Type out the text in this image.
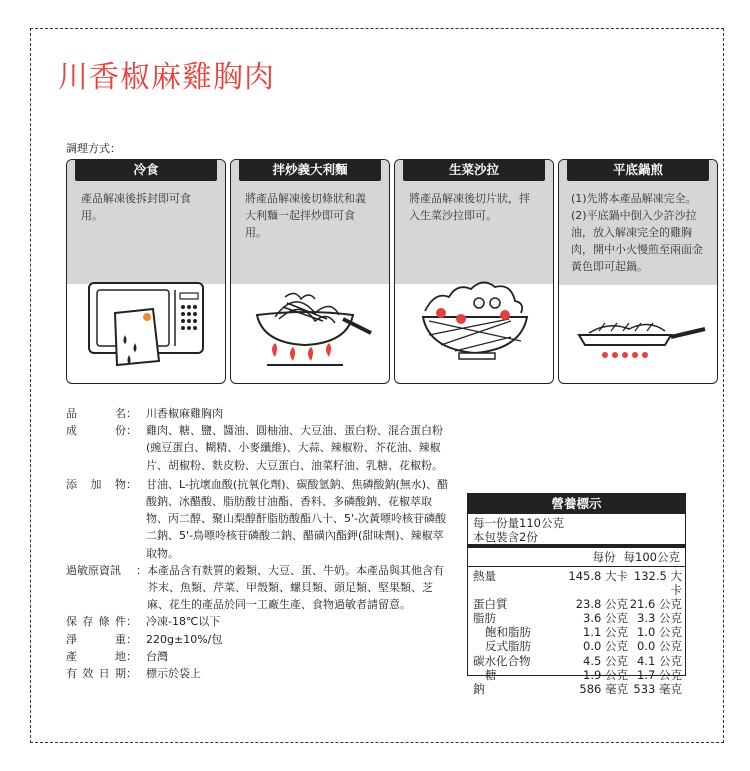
川香椒麻雞胸肉
調理方式：
產品解凍後拆封即可食用。
冷食
將產品解凍後切條狀和義大利麵一起拌炒即可食用。
拌炒義大利麵
將產品解凍後切片狀，拌入生菜沙拉即可。
生菜沙拉
(1)先將本產品解凍完全。
(2)平底鍋中倒入少許沙拉油，放入解凍完全的雞胸肉，開中小火慢煎至兩面金黃色即可起鍋。
平底鍋煎
品	名 ： 川香椒麻雞胸肉
成	份 ： 雞肉、糖、鹽、醬油、圓柚油、大豆油、蛋白粉、混合蛋白粉(豌豆蛋白、糊精、小麥纖維)、大蒜、辣椒粉、芥花油、辣椒片、胡椒粉、麩皮粉、大豆蛋白、油菜籽油、乳糖、花椒粉。
添 加 物 ： 甘油、L-抗壞血酸(抗氧化劑)、碳酸氫鈉、焦磷酸鈉(無水)、醋酸鈉、冰醋酸、脂肪酸甘油酯、香料、多磷酸鈉、花椒萃取物、丙二醇、聚山梨醇酐脂肪酸酯八十、5'-次黃嘌呤核苷磷酸二鈉、5'-鳥嘌呤核苷磷酸二鈉、醋磺內酯鉀(甜味劑)、辣椒萃取物。
過敏原資訊 ： 本產品含有麩質的穀類、大豆、蛋、牛奶。本產品與其他含有芥末、魚類、芹菜、甲殼類、螺貝類、頭足類、堅果類、芝麻、花生的產品於同一工廠生產、食物過敏者請留意。
保 存 條 件 ： 冷凍-18℃以下
淨	重 ： 220g±10%/包
產	地 ： 台灣
有 效 日 期 ： 標示於袋上
營養標示
每一份量110公克
本包裝含2份
每份 每100公克
熱量	145.8 大卡 132.5 大卡
蛋白質	23.8 公克 21.6 公克
脂肪	3.6 公克 3.3 公克
飽和脂肪	1.1 公克 1.0 公克
反式脂肪	0.0 公克 0.0 公克
碳水化合物	4.5 公克 4.1 公克
糖	1.9 公克 1.7 公克
鈉	586 毫克 533 毫克
